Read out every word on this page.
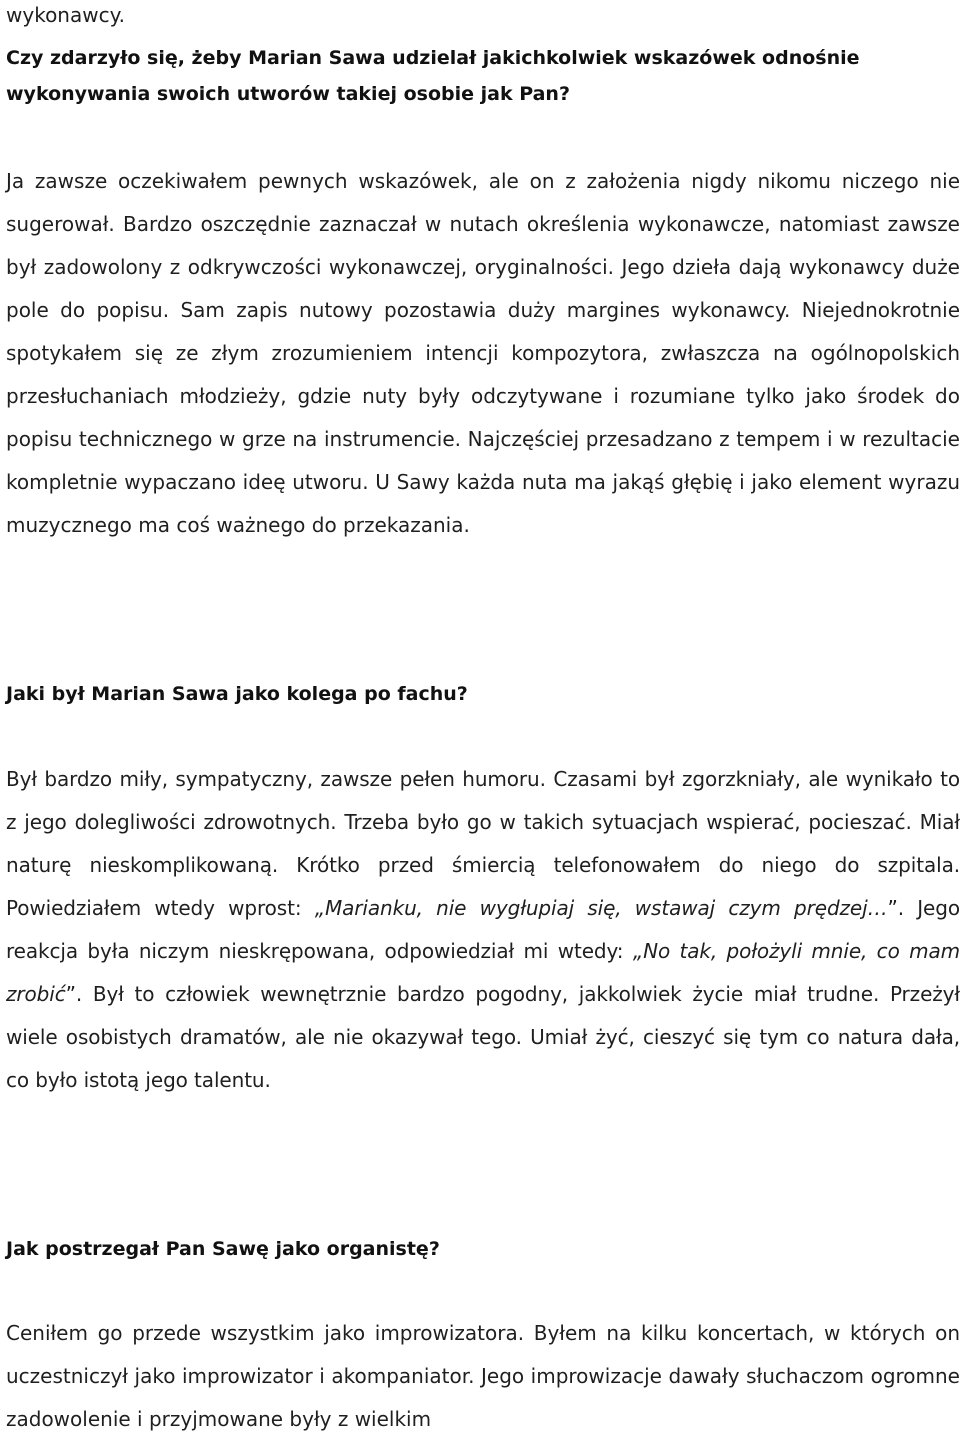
wykonawcy.

Czy zdarzyło się, żeby Marian Sawa udzielał jakichkolwiek wskazówek odnośnie

wykonywania swoich utworów takiej osobie jak Pan?

Ja zawsze oczekiwałem pewnych wskazówek, ale on z założenia nigdy nikomu niczego nie sugerował. Bardzo oszczędnie zaznaczał w nutach określenia wykonawcze, natomiast zawsze był zadowolony z odkrywczości wykonawczej, oryginalności. Jego dzieła dają wykonawcy duże pole do popisu. Sam zapis nutowy pozostawia duży margines wykonawcy. Niejednokrotnie spotykałem się ze złym zrozumieniem intencji kompozytora, zwłaszcza na ogólnopolskich przesłuchaniach młodzieży, gdzie nuty były odczytywane i rozumiane tylko jako środek do popisu technicznego w grze na instrumencie. Najczęściej przesadzano z tempem i w rezultacie kompletnie wypaczano ideę utworu. U Sawy każda nuta ma jakąś głębię i jako element wyrazu muzycznego ma coś ważnego do przekazania.

Jaki był Marian Sawa jako kolega po fachu?

Był bardzo miły, sympatyczny, zawsze pełen humoru. Czasami był zgorzkniały, ale wynikało to z jego dolegliwości zdrowotnych. Trzeba było go w takich sytuacjach wspierać, pocieszać. Miał naturę nieskomplikowaną. Krótko przed śmiercią telefonowałem do niego do szpitala. Powiedziałem wtedy wprost: „Marianku, nie wygłupiaj się, wstawaj czym prędzej…”. Jego reakcja była niczym nieskrępowana, odpowiedział mi wtedy: „No tak, położyli mnie, co mam zrobić”. Był to człowiek wewnętrznie bardzo pogodny, jakkolwiek życie miał trudne. Przeżył wiele osobistych dramatów, ale nie okazywał tego. Umiał żyć, cieszyć się tym co natura dała, co było istotą jego talentu.

Jak postrzegał Pan Sawę jako organistę?

Ceniłem go przede wszystkim jako improwizatora. Byłem na kilku koncertach, w których on uczestniczył jako improwizator i akompaniator. Jego improwizacje dawały słuchaczom ogromne zadowolenie i przyjmowane były z wielkim
